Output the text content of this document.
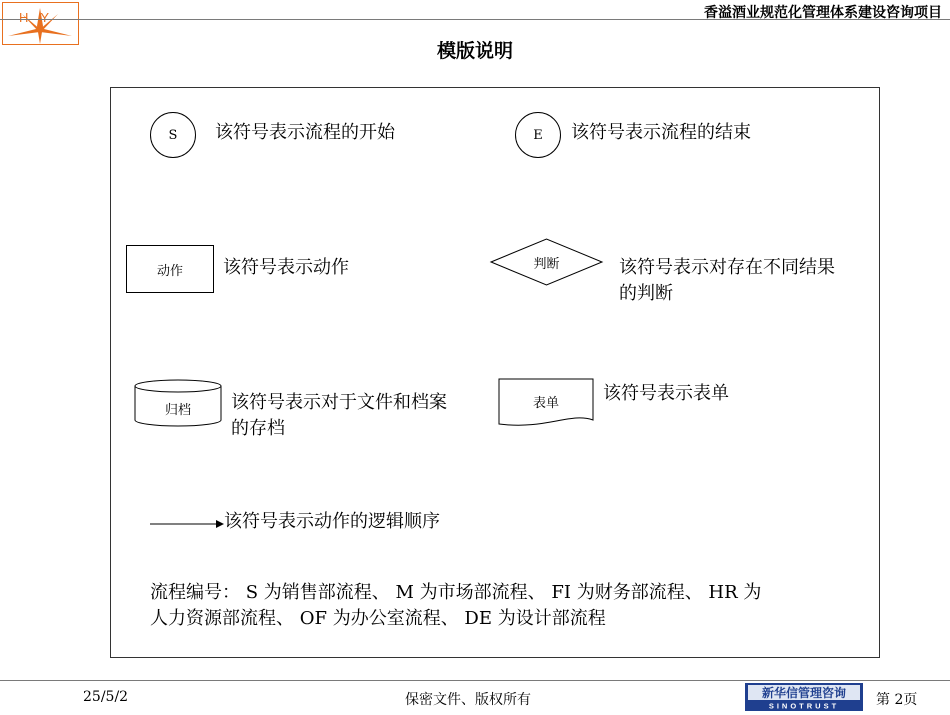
HY	香溢酒业规范化管理体系建设咨询项目
模版说明
S 该符号表示流程的开始	E 该符号表示流程的结束
动作 该符号表示动作	判断	该符号表示对存在不同结果
的判断
归档	该符号表示对于文件和档案
的存档
表单	该符号表示表单
该符号表示动作的逻辑顺序
流程编号： S 为销售部流程、 M 为市场部流程、 FI 为财务部流程、 HR 为
人力资源部流程、 OF 为办公室流程、 DE 为设计部流程
25/5/2	保密文件、版权所有	新华信管理咨询
SINOTRUST	第 2页
